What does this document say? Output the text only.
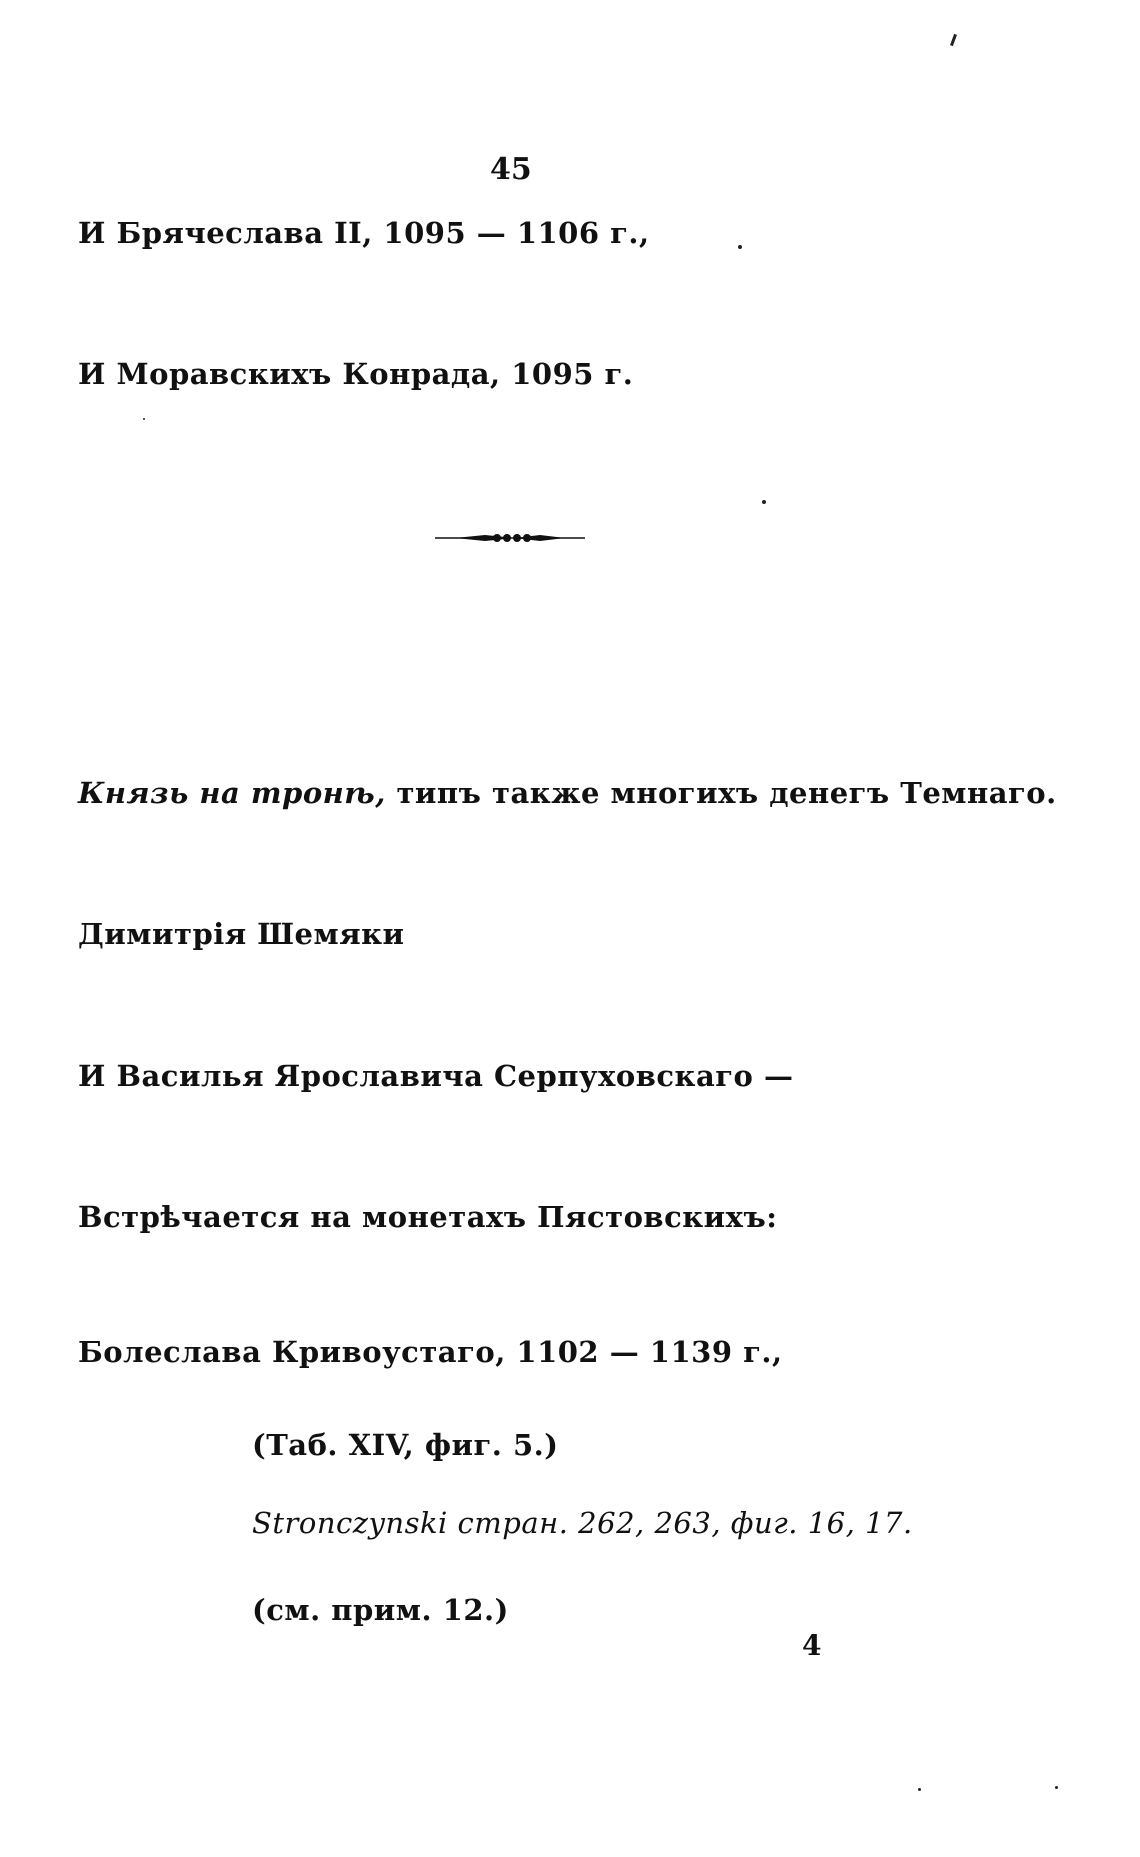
45
И Брячеслава II, 1095 — 1106 г.,
И Моравскихъ Конрада, 1095 г.
Князь на тронѣ, типъ также многихъ денегъ Темнаго.
Димитрія Шемяки
И Василья Ярославича Серпуховскаго —
Встрѣчается на монетахъ Пястовскихъ:
Болеслава Кривоустаго, 1102 — 1139 г.,
(Таб. XIV, фиг. 5.)
Stronczynski стран. 262, 263, фиг. 16, 17.
(см. прим. 12.)
4
